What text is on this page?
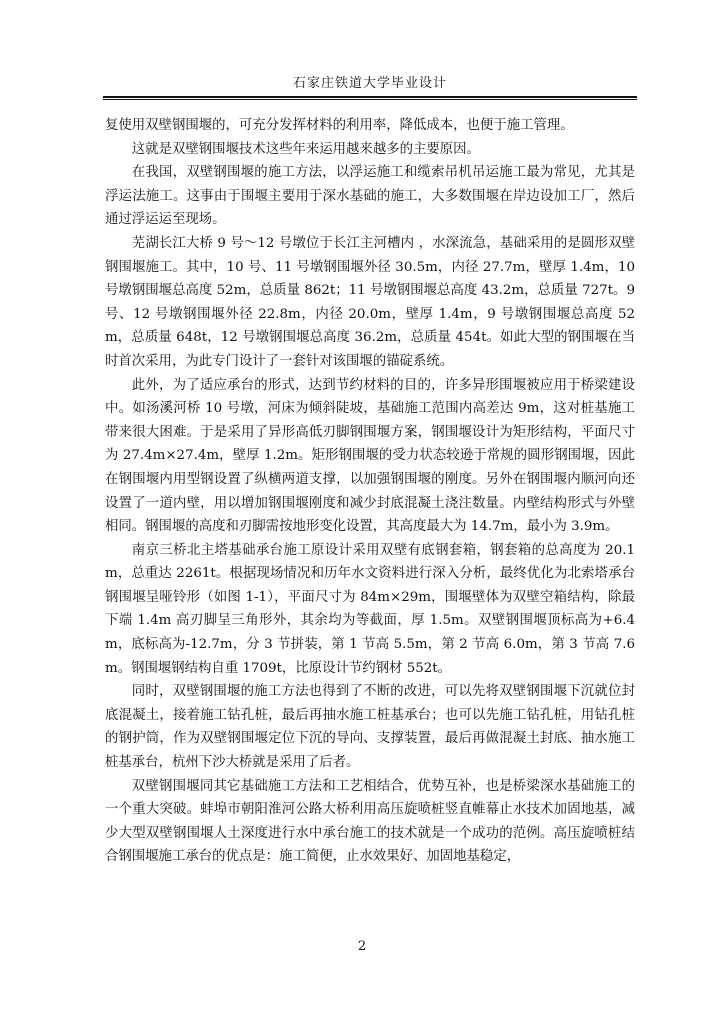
石家庄铁道大学毕业设计

复使用双壁钢围堰的，可充分发挥材料的利用率，降低成本，也便于施工管理。

这就是双壁钢围堰技术这些年来运用越来越多的主要原因。

在我国，双壁钢围堰的施工方法，以浮运施工和缆索吊机吊运施工最为常见，尤其是浮运法施工。这事由于围堰主要用于深水基础的施工，大多数围堰在岸边设加工厂，然后通过浮运运至现场。

芜湖长江大桥 9 号～12 号墩位于长江主河槽内 ，水深流急，基础采用的是圆形双壁钢围堰施工。其中，10 号、11 号墩钢围堰外径 30.5m，内径 27.7m，壁厚 1.4m，10 号墩钢围堰总高度 52m，总质量 862t；11 号墩钢围堰总高度 43.2m，总质量 727t。9 号、12 号墩钢围堰外径 22.8m，内径 20.0m，壁厚 1.4m，9 号墩钢围堰总高度 52m，总质量 648t，12 号墩钢围堰总高度 36.2m，总质量 454t。如此大型的钢围堰在当时首次采用，为此专门设计了一套针对该围堰的锚碇系统。

此外，为了适应承台的形式，达到节约材料的目的，许多异形围堰被应用于桥梁建设中。如汤溪河桥 10 号墩，河床为倾斜陡坡，基础施工范围内高差达 9m，这对桩基施工带来很大困难。于是采用了异形高低刃脚钢围堰方案，钢围堰设计为矩形结构，平面尺寸为 27.4m×27.4m，壁厚 1.2m。矩形钢围堰的受力状态较逊于常规的圆形钢围堰，因此在钢围堰内用型钢设置了纵横两道支撑，以加强钢围堰的刚度。另外在钢围堰内顺河向还设置了一道内壁，用以增加钢围堰刚度和减少封底混凝土浇注数量。内壁结构形式与外壁相同。钢围堰的高度和刃脚需按地形变化设置，其高度最大为 14.7m，最小为 3.9m。

南京三桥北主塔基础承台施工原设计采用双壁有底钢套箱，钢套箱的总高度为 20.1m，总重达 2261t。根据现场情况和历年水文资料进行深入分析，最终优化为北索塔承台钢围堰呈哑铃形（如图 1-1），平面尺寸为 84m×29m，围堰壁体为双壁空箱结构，除最下端 1.4m 高刃脚呈三角形外，其余均为等截面，厚 1.5m。双壁钢围堰顶标高为+6.4m，底标高为-12.7m，分 3 节拼装，第 1 节高 5.5m，第 2 节高 6.0m，第 3 节高 7.6m。钢围堰钢结构自重 1709t，比原设计节约钢材 552t。

同时，双壁钢围堰的施工方法也得到了不断的改进，可以先将双壁钢围堰下沉就位封底混凝土，接着施工钻孔桩，最后再抽水施工桩基承台；也可以先施工钻孔桩，用钻孔桩的钢护筒，作为双壁钢围堰定位下沉的导向、支撑装置，最后再做混凝土封底、抽水施工桩基承台，杭州下沙大桥就是采用了后者。

双壁钢围堰同其它基础施工方法和工艺相结合，优势互补，也是桥梁深水基础施工的一个重大突破。蚌埠市朝阳淮河公路大桥利用高压旋喷桩竖直帷幕止水技术加固地基，减少大型双壁钢围堰人土深度进行水中承台施工的技术就是一个成功的范例。高压旋喷桩结合钢围堰施工承台的优点是：施工简便，止水效果好、加固地基稳定，

2
